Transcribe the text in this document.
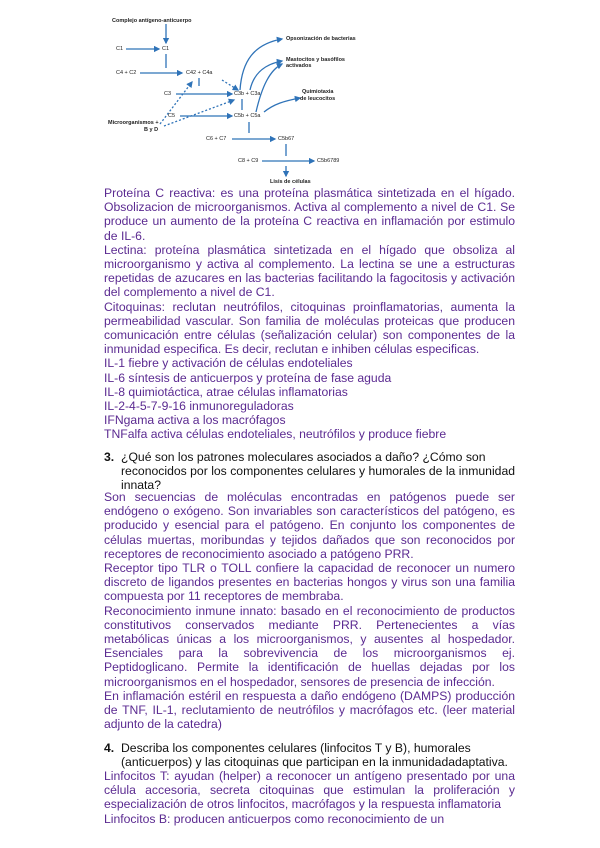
Complejo antígeno-anticuerpo
C1	C1
C4 + C2	C42 + C4a
C3	C3b + C3a
C5	C5b + C5a
C6 + C7	C5b67
C8 + C9	C5b6789
Microorganismos +
B y D
Opsonización de bacterias
Mastocitos y basófilos
activados
Quimiotaxia
de leucocitos
Lisis de células

Proteína C reactiva: es una proteína plasmática sintetizada en el hígado. Obsolizacion de microorganismos. Activa al complemento a nivel de C1. Se produce un aumento de la proteína C reactiva en inflamación por estimulo de IL-6.

Lectina: proteína plasmática sintetizada en el hígado que obsoliza al microorganismo y activa al complemento. La lectina se une a estructuras repetidas de azucares en las bacterias facilitando la fagocitosis y activación del complemento a nivel de C1.

Citoquinas: reclutan neutrófilos, citoquinas proinflamatorias, aumenta la permeabilidad vascular. Son familia de moléculas proteicas que producen comunicación entre células (señalización celular) son componentes de la inmunidad especifica. Es decir, reclutan e inhiben células especificas.

IL-1 fiebre y activación de células endoteliales

IL-6 síntesis de anticuerpos y proteína de fase aguda

IL-8 quimiotáctica, atrae células inflamatorias

IL-2-4-5-7-9-16 inmunoreguladoras

IFNgama activa a los macrófagos

TNFalfa activa células endoteliales, neutrófilos y produce fiebre

3. ¿Qué son los patrones moleculares asociados a daño? ¿Cómo son

reconocidos por los componentes celulares y humorales de la inmunidad innata?

Son secuencias de moléculas encontradas en patógenos puede ser endógeno o exógeno. Son invariables son característicos del patógeno, es producido y esencial para el patógeno. En conjunto los componentes de células muertas, moribundas y tejidos dañados que son reconocidos por receptores de reconocimiento asociado a patógeno PRR.

Receptor tipo TLR o TOLL confiere la capacidad de reconocer un numero discreto de ligandos presentes en bacterias hongos y virus son una familia compuesta por 11 receptores de membraba.

Reconocimiento inmune innato: basado en el reconocimiento de productos constitutivos conservados mediante PRR. Pertenecientes a vías metabólicas únicas a los microorganismos, y ausentes al hospedador. Esenciales para la sobrevivencia de los microorganismos ej. Peptidoglicano. Permite la identificación de huellas dejadas por los microorganismos en el hospedador, sensores de presencia de infección.

En inflamación estéril en respuesta a daño endógeno (DAMPS) producción de TNF, IL-1, reclutamiento de neutrófilos y macrófagos etc. (leer material adjunto de la catedra)

4. Describa los componentes celulares (linfocitos T y B), humorales

(anticuerpos) y las citoquinas que participan en la inmunidadadaptativa.

Linfocitos T: ayudan (helper) a reconocer un antígeno presentado por una célula accesoria, secreta citoquinas que estimulan la proliferación y especialización de otros linfocitos, macrófagos y la respuesta inflamatoria

Linfocitos B: producen anticuerpos como reconocimiento de un
